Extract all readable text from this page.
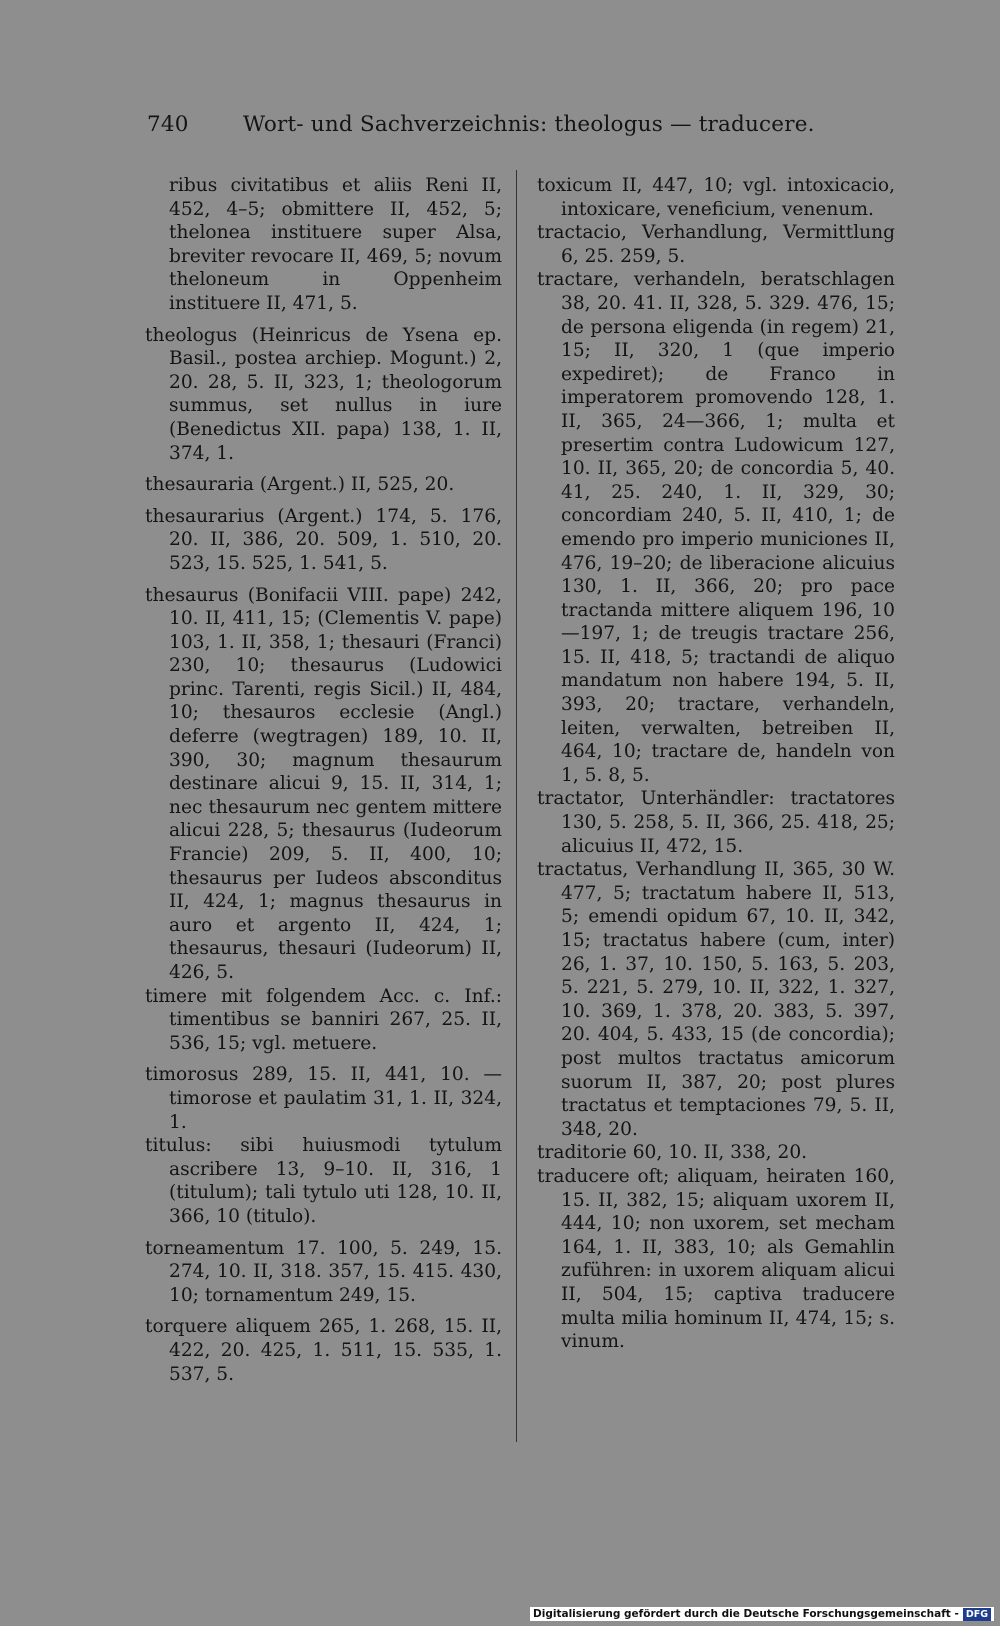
740	Wort- und Sachverzeichnis: theologus — traducere.

ribus civitatibus et aliis Reni II, 452, 4–5; obmittere II, 452, 5; thelonea instituere super Alsa, breviter revocare II, 469, 5; novum theloneum in Oppenheim instituere II, 471, 5.

theologus (Heinricus de Ysena ep. Basil., postea archiep. Mogunt.) 2, 20. 28, 5. II, 323, 1; theologorum summus, set nullus in iure (Benedictus XII. papa) 138, 1. II, 374, 1.

thesauraria (Argent.) II, 525, 20.

thesaurarius (Argent.) 174, 5. 176, 20. II, 386, 20. 509, 1. 510, 20. 523, 15. 525, 1. 541, 5.

thesaurus (Bonifacii VIII. pape) 242, 10. II, 411, 15; (Clementis V. pape) 103, 1. II, 358, 1; thesauri (Franci) 230, 10; thesaurus (Ludowici princ. Tarenti, regis Sicil.) II, 484, 10; thesauros ecclesie (Angl.) deferre (wegtragen) 189, 10. II, 390, 30; magnum thesaurum destinare alicui 9, 15. II, 314, 1; nec thesaurum nec gentem mittere alicui 228, 5; thesaurus (Iudeorum Francie) 209, 5. II, 400, 10; thesaurus per Iudeos absconditus II, 424, 1; magnus thesaurus in auro et argento II, 424, 1; thesaurus, thesauri (Iudeorum) II, 426, 5.

timere mit folgendem Acc. c. Inf.: timentibus se banniri 267, 25. II, 536, 15; vgl. metuere.

timorosus 289, 15. II, 441, 10. — timorose et paulatim 31, 1. II, 324, 1.

titulus: sibi huiusmodi tytulum ascribere 13, 9–10. II, 316, 1 (titulum); tali tytulo uti 128, 10. II, 366, 10 (titulo).

torneamentum 17. 100, 5. 249, 15. 274, 10. II, 318. 357, 15. 415. 430, 10; tornamentum 249, 15.

torquere aliquem 265, 1. 268, 15. II, 422, 20. 425, 1. 511, 15. 535, 1. 537, 5.

toxicum II, 447, 10; vgl. intoxicacio, intoxicare, veneficium, venenum.

tractacio, Verhandlung, Vermittlung 6, 25. 259, 5.

tractare, verhandeln, beratschlagen 38, 20. 41. II, 328, 5. 329. 476, 15; de persona eligenda (in regem) 21, 15; II, 320, 1 (que imperio expediret); de Franco in imperatorem promovendo 128, 1. II, 365, 24—366, 1; multa et presertim contra Ludowicum 127, 10. II, 365, 20; de concordia 5, 40. 41, 25. 240, 1. II, 329, 30; concordiam 240, 5. II, 410, 1; de emendo pro imperio municiones II, 476, 19–20; de liberacione alicuius 130, 1. II, 366, 20; pro pace tractanda mittere aliquem 196, 10—197, 1; de treugis tractare 256, 15. II, 418, 5; tractandi de aliquo mandatum non habere 194, 5. II, 393, 20; tractare, verhandeln, leiten, verwalten, betreiben II, 464, 10; tractare de, handeln von 1, 5. 8, 5.

tractator, Unterhändler: tractatores 130, 5. 258, 5. II, 366, 25. 418, 25; alicuius II, 472, 15.

tractatus, Verhandlung II, 365, 30 W. 477, 5; tractatum habere II, 513, 5; emendi opidum 67, 10. II, 342, 15; tractatus habere (cum, inter) 26, 1. 37, 10. 150, 5. 163, 5. 203, 5. 221, 5. 279, 10. II, 322, 1. 327, 10. 369, 1. 378, 20. 383, 5. 397, 20. 404, 5. 433, 15 (de concordia); post multos tractatus amicorum suorum II, 387, 20; post plures tractatus et temptaciones 79, 5. II, 348, 20.

traditorie 60, 10. II, 338, 20.

traducere oft; aliquam, heiraten 160, 15. II, 382, 15; aliquam uxorem II, 444, 10; non uxorem, set mecham 164, 1. II, 383, 10; als Gemahlin zuführen: in uxorem aliquam alicui II, 504, 15; captiva traducere multa milia hominum II, 474, 15; s. vinum.

Digitalisierung gefördert durch die Deutsche Forschungsgemeinschaft - DFG
